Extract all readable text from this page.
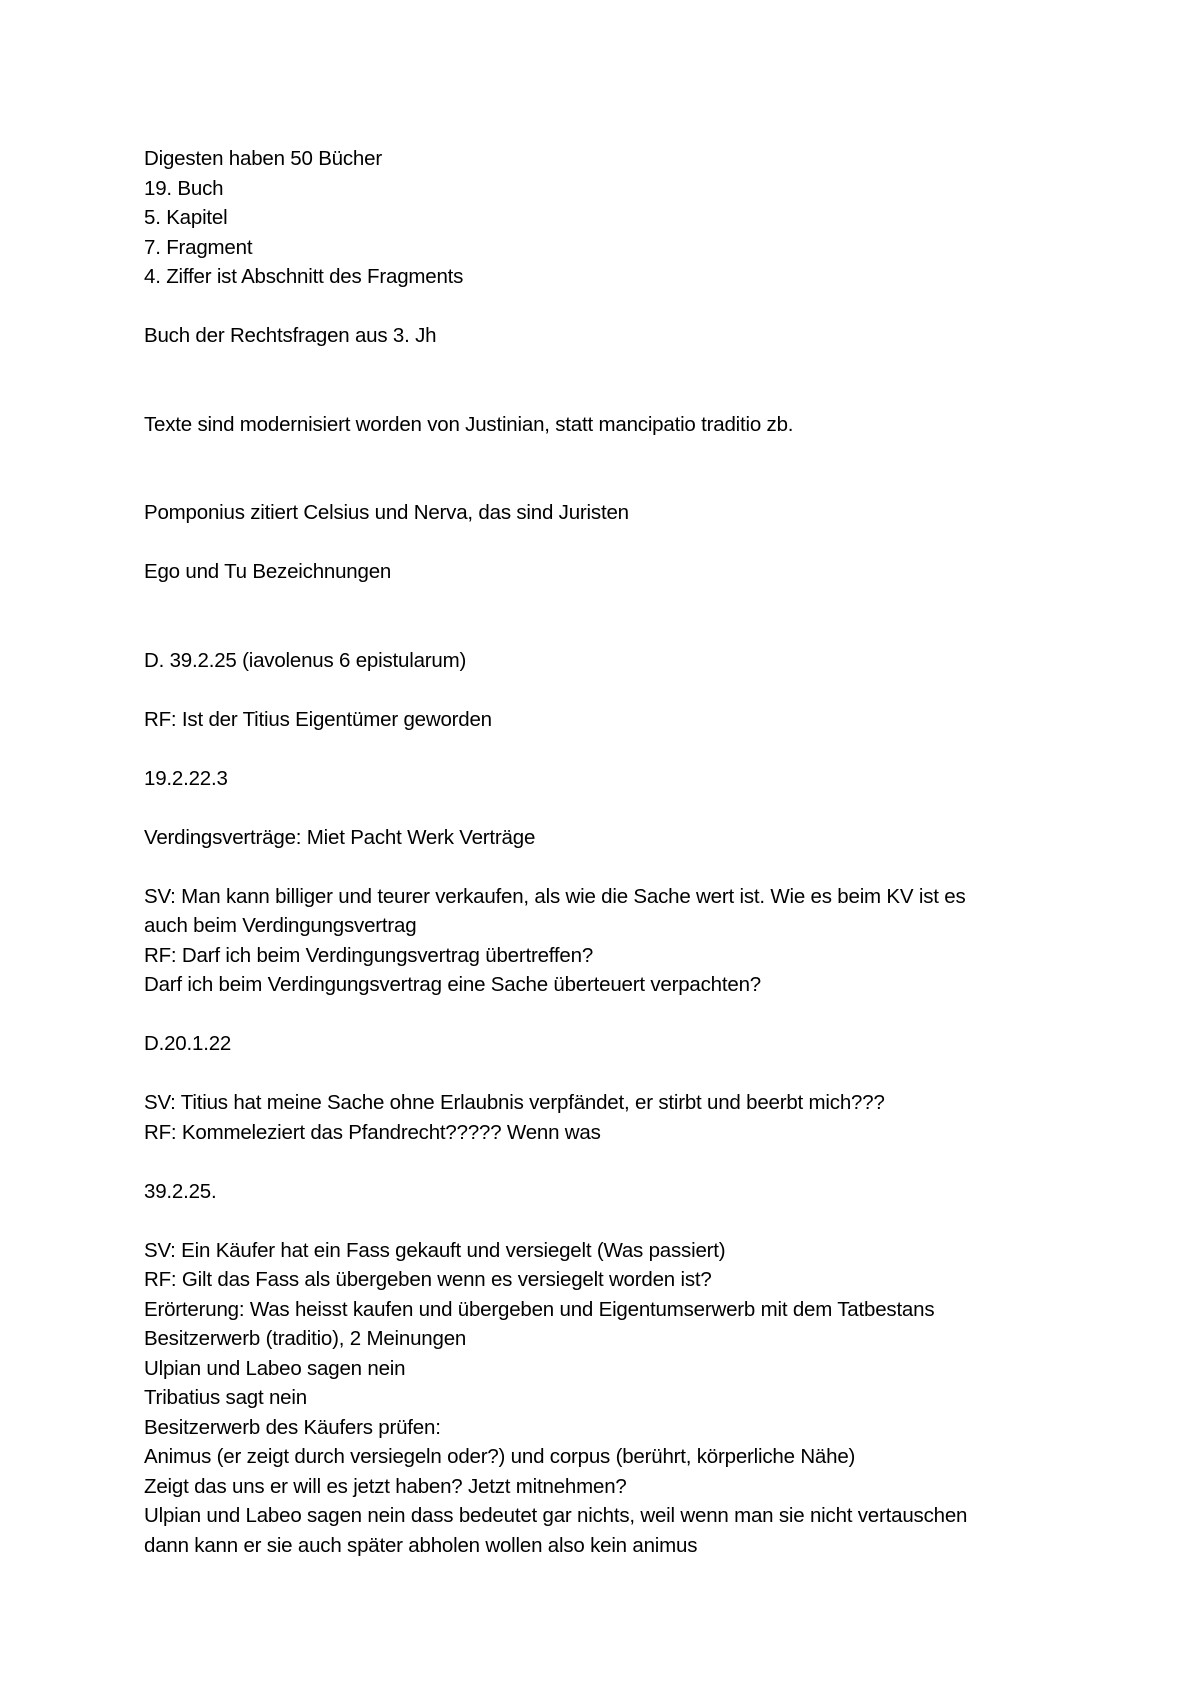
Digesten haben 50 Bücher
19. Buch
5. Kapitel
7. Fragment
4. Ziffer ist Abschnitt des Fragments
Buch der Rechtsfragen aus 3. Jh
Texte sind modernisiert worden von Justinian, statt mancipatio traditio zb.
Pomponius zitiert Celsius und Nerva, das sind Juristen
Ego und Tu Bezeichnungen
D. 39.2.25 (iavolenus 6 epistularum)
RF: Ist der Titius Eigentümer geworden
19.2.22.3
Verdingsverträge: Miet Pacht Werk Verträge
SV: Man kann billiger und teurer verkaufen, als wie die Sache wert ist. Wie es beim KV ist es
auch beim Verdingungsvertrag
RF: Darf ich beim Verdingungsvertrag übertreffen?
Darf ich beim Verdingungsvertrag eine Sache überteuert verpachten?
D.20.1.22
SV: Titius hat meine Sache ohne Erlaubnis verpfändet, er stirbt und beerbt mich???
RF: Kommeleziert das Pfandrecht????? Wenn was
39.2.25.
SV: Ein Käufer hat ein Fass gekauft und versiegelt (Was passiert)
RF: Gilt das Fass als übergeben wenn es versiegelt worden ist?
Erörterung: Was heisst kaufen und übergeben und Eigentumserwerb mit dem Tatbestans
Besitzerwerb (traditio), 2 Meinungen
Ulpian und Labeo sagen nein
Tribatius sagt nein
Besitzerwerb des Käufers prüfen:
Animus (er zeigt durch versiegeln oder?) und corpus (berührt, körperliche Nähe)
Zeigt das uns er will es jetzt haben? Jetzt mitnehmen?
Ulpian und Labeo sagen nein dass bedeutet gar nichts, weil wenn man sie nicht vertauschen
dann kann er sie auch später abholen wollen also kein animus
